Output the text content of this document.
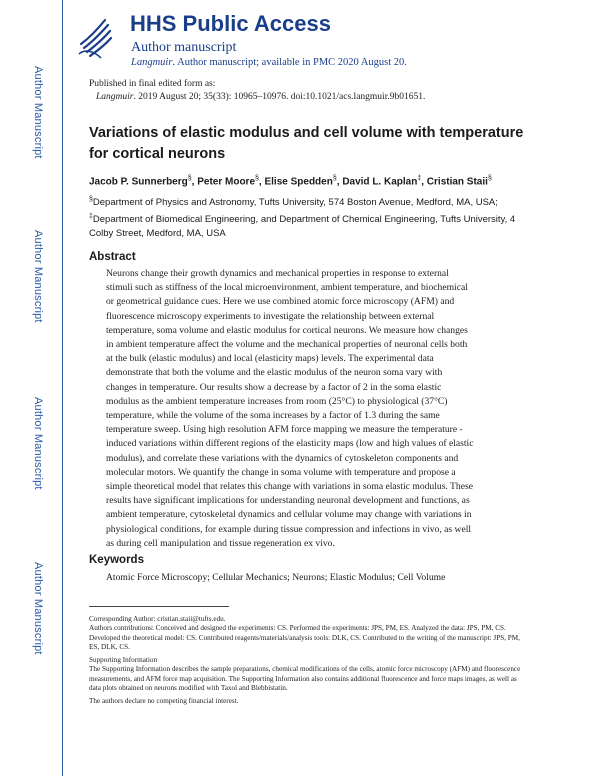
Author Manuscript
Author Manuscript
Author Manuscript
Author Manuscript
HHS Public Access
Author manuscript
Langmuir. Author manuscript; available in PMC 2020 August 20.
Published in final edited form as:
Langmuir. 2019 August 20; 35(33): 10965–10976. doi:10.1021/acs.langmuir.9b01651.
Variations of elastic modulus and cell volume with temperature for cortical neurons
Jacob P. Sunnerberg§, Peter Moore§, Elise Spedden§, David L. Kaplan‡, Cristian Staii§
§Department of Physics and Astronomy, Tufts University, 574 Boston Avenue, Medford, MA, USA;
‡Department of Biomedical Engineering, and Department of Chemical Engineering, Tufts University, 4 Colby Street, Medford, MA, USA
Abstract
Neurons change their growth dynamics and mechanical properties in response to external stimuli such as stiffness of the local microenvironment, ambient temperature, and biochemical or geometrical guidance cues. Here we use combined atomic force microscopy (AFM) and fluorescence microscopy experiments to investigate the relationship between external temperature, soma volume and elastic modulus for cortical neurons. We measure how changes in ambient temperature affect the volume and the mechanical properties of neuronal cells both at the bulk (elastic modulus) and local (elasticity maps) levels. The experimental data demonstrate that both the volume and the elastic modulus of the neuron soma vary with changes in temperature. Our results show a decrease by a factor of 2 in the soma elastic modulus as the ambient temperature increases from room (25°C) to physiological (37°C) temperature, while the volume of the soma increases by a factor of 1.3 during the same temperature sweep. Using high resolution AFM force mapping we measure the temperature - induced variations within different regions of the elasticity maps (low and high values of elastic modulus), and correlate these variations with the dynamics of cytoskeleton components and molecular motors. We quantify the change in soma volume with temperature and propose a simple theoretical model that relates this change with variations in soma elastic modulus. These results have significant implications for understanding neuronal development and functions, as ambient temperature, cytoskeletal dynamics and cellular volume may change with variations in physiological conditions, for example during tissue compression and infections in vivo, as well as during cell manipulation and tissue regeneration ex vivo.
Keywords
Atomic Force Microscopy; Cellular Mechanics; Neurons; Elastic Modulus; Cell Volume

Corresponding Author: cristian.staii@tufts.edu.

Authors contributions: Conceived and designed the experiments: CS. Performed the experiments: JPS, PM, ES. Analyzed the data: JPS, PM, CS. Developed the theoretical model: CS. Contributed reagents/materials/analysis tools: DLK, CS. Contributed to the writing of the manuscript: JPS, PM, ES, DLK, CS.

Supporting Information

The Supporting Information describes the sample preparations, chemical modifications of the cells, atomic force microscopy (AFM) and fluorescence measurements, and AFM force map acquisition. The Supporting Information also contains additional fluorescence and force maps images, as well as data plots obtained on neurons modified with Taxol and Blebbistatin.

The authors declare no competing financial interest.
